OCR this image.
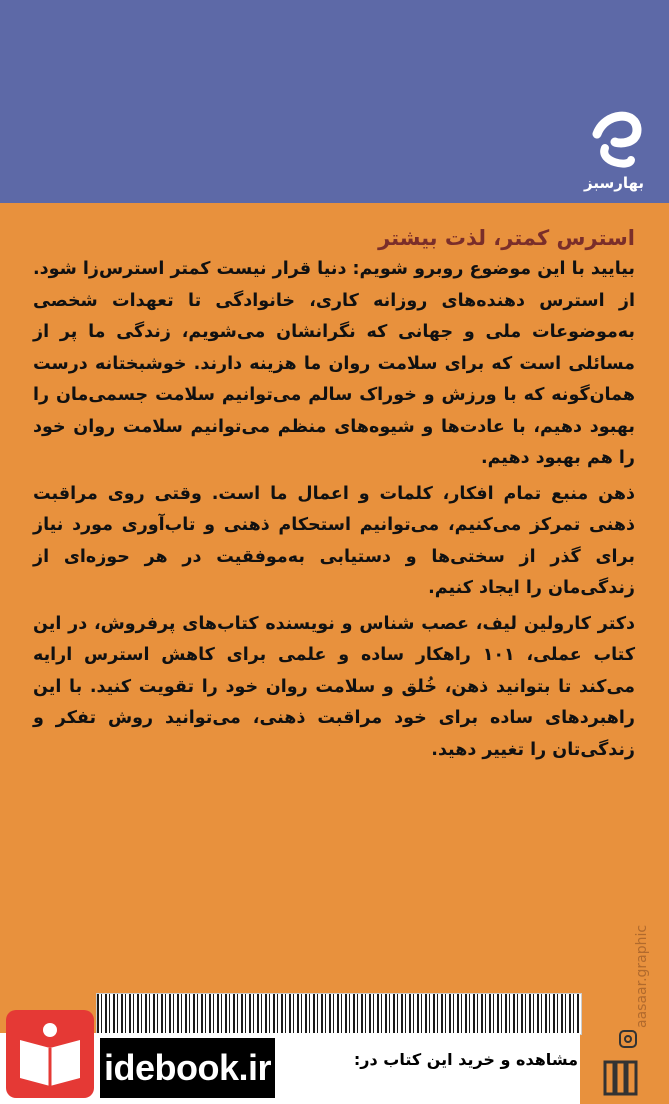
بهارسبز
استرس کمتر، لذت بیشتر

بیایید با این موضوع روبرو شویم: دنیا قرار نیست کمتر استرس‌زا شود. از استرس دهنده‌های روزانه کاری، خانوادگی تا تعهدات شخصی به‌موضوعات ملی و جهانی که نگرانشان می‌شویم، زندگی ما پر از مسائلی است که برای سلامت روان ما هزینه دارند. خوشبختانه درست همان‌گونه که با ورزش و خوراک سالم می‌توانیم سلامت جسمی‌مان را بهبود دهیم، با عادت‌ها و شیوه‌های منظم می‌توانیم سلامت روان خود را هم بهبود دهیم.

ذهن منبع تمام افکار، کلمات و اعمال ما است. وقتی روی مراقبت ذهنی تمرکز می‌کنیم، می‌توانیم استحکام ذهنی و تاب‌آوری مورد نیاز برای گذر از سختی‌ها و دستیابی به‌موفقیت در هر حوزه‌ای از زندگی‌مان را ایجاد کنیم.

دکتر کارولین لیف، عصب شناس و نویسنده کتاب‌های پرفروش، در این کتاب عملی، ۱۰۱ راهکار ساده و علمی برای کاهش استرس ارایه می‌کند تا بتوانید ذهن، خُلق و سلامت روان خود را تقویت کنید. با این راهبردهای ساده برای خود مراقبت ذهنی، می‌توانید روش تفکر و زندگی‌تان را تغییر دهید.

aasaar.graphic
idebook.ir	مشاهده و خرید این کتاب در:
